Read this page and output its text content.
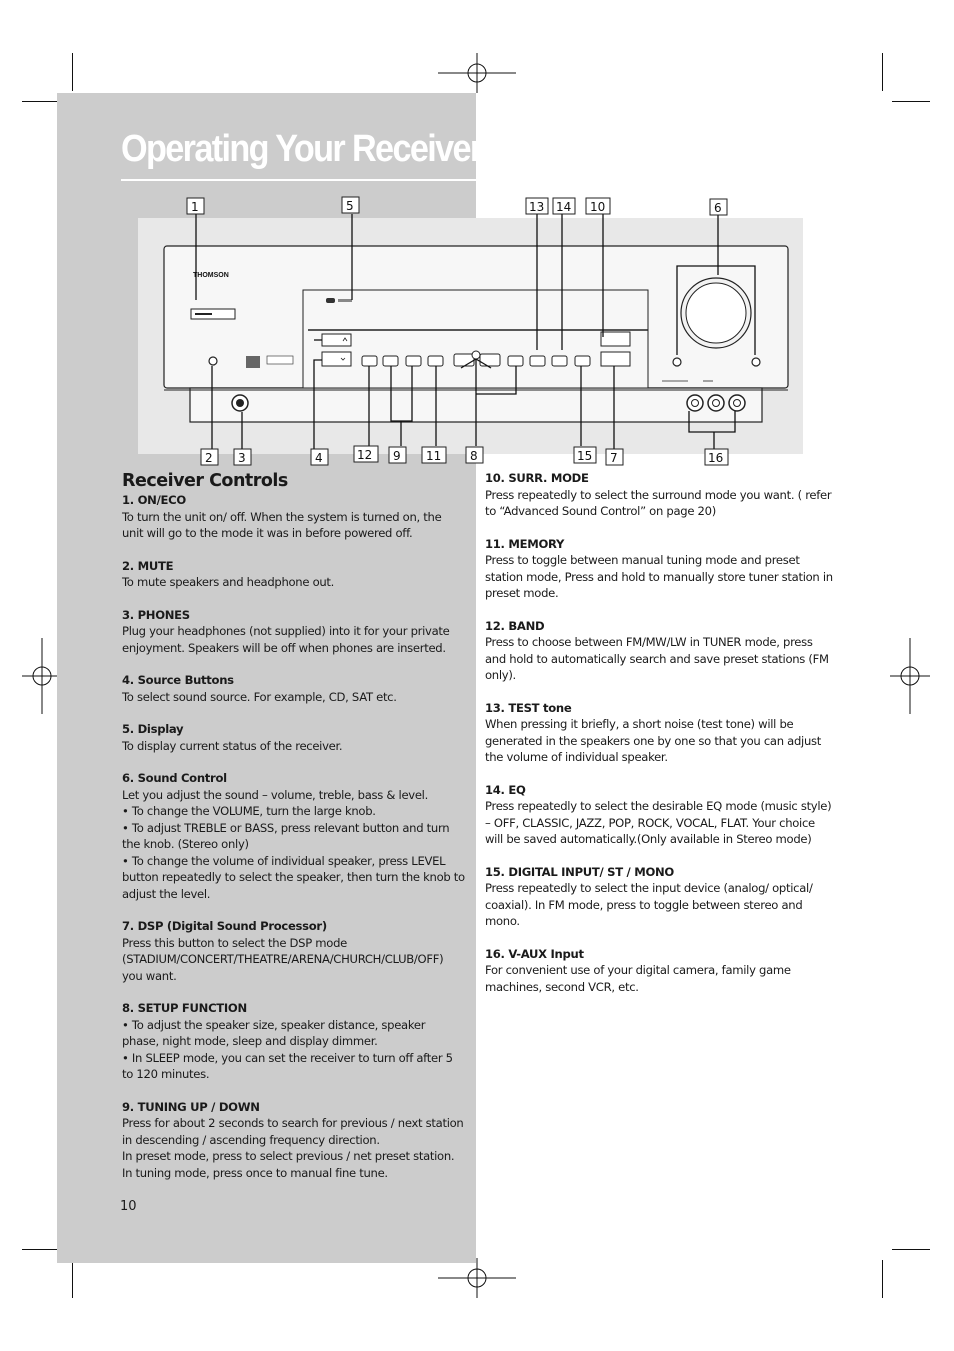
Operating Your Receiver
THOMSON
1	5	13 14 10	6
2 3	4	12 9 11 8	15 7	16
Receiver Controls

1. ON/ECO

To turn the unit on/ off. When the system is turned on, the unit will go to the mode it was in before powered off.

2. MUTE

To mute speakers and headphone out.

3. PHONES

Plug your headphones (not supplied) into it for your private enjoyment. Speakers will be off when phones are inserted.

4. Source Buttons

To select sound source. For example, CD, SAT etc.

5. Display

To display current status of the receiver.

6. Sound Control

Let you adjust the sound – volume, treble, bass & level.
• To change the VOLUME, turn the large knob.
• To adjust TREBLE or BASS, press relevant button and turn the knob. (Stereo only)
• To change the volume of individual speaker, press LEVEL button repeatedly to select the speaker, then turn the knob to adjust the level.

7. DSP (Digital Sound Processor)

Press this button to select the DSP mode (STADIUM/CONCERT/THEATRE/ARENA/CHURCH/CLUB/OFF) you want.

8. SETUP FUNCTION

• To adjust the speaker size, speaker distance, speaker phase, night mode, sleep and display dimmer.
• In SLEEP mode, you can set the receiver to turn off after 5 to 120 minutes.

9. TUNING UP / DOWN

Press for about 2 seconds to search for previous / next station in descending / ascending frequency direction.
In preset mode, press to select previous / net preset station.
In tuning mode, press once to manual fine tune.

10. SURR. MODE

Press repeatedly to select the surround mode you want. ( refer to “Advanced Sound Control” on page 20)

11. MEMORY

Press to toggle between manual tuning mode and preset station mode, Press and hold to manually store tuner station in preset mode.

12. BAND

Press to choose between FM/MW/LW in TUNER mode, press and hold to automatically search and save preset stations (FM only).

13. TEST tone

When pressing it briefly, a short noise (test tone) will be generated in the speakers one by one so that you can adjust the volume of individual speaker.

14. EQ

Press repeatedly to select the desirable EQ mode (music style) – OFF, CLASSIC, JAZZ, POP, ROCK, VOCAL, FLAT. Your choice will be saved automatically.(Only available in Stereo mode)

15. DIGITAL INPUT/ ST / MONO

Press repeatedly to select the input device (analog/ optical/ coaxial). In FM mode, press to toggle between stereo and mono.

16. V-AUX Input

For convenient use of your digital camera, family game machines, second VCR, etc.

10
